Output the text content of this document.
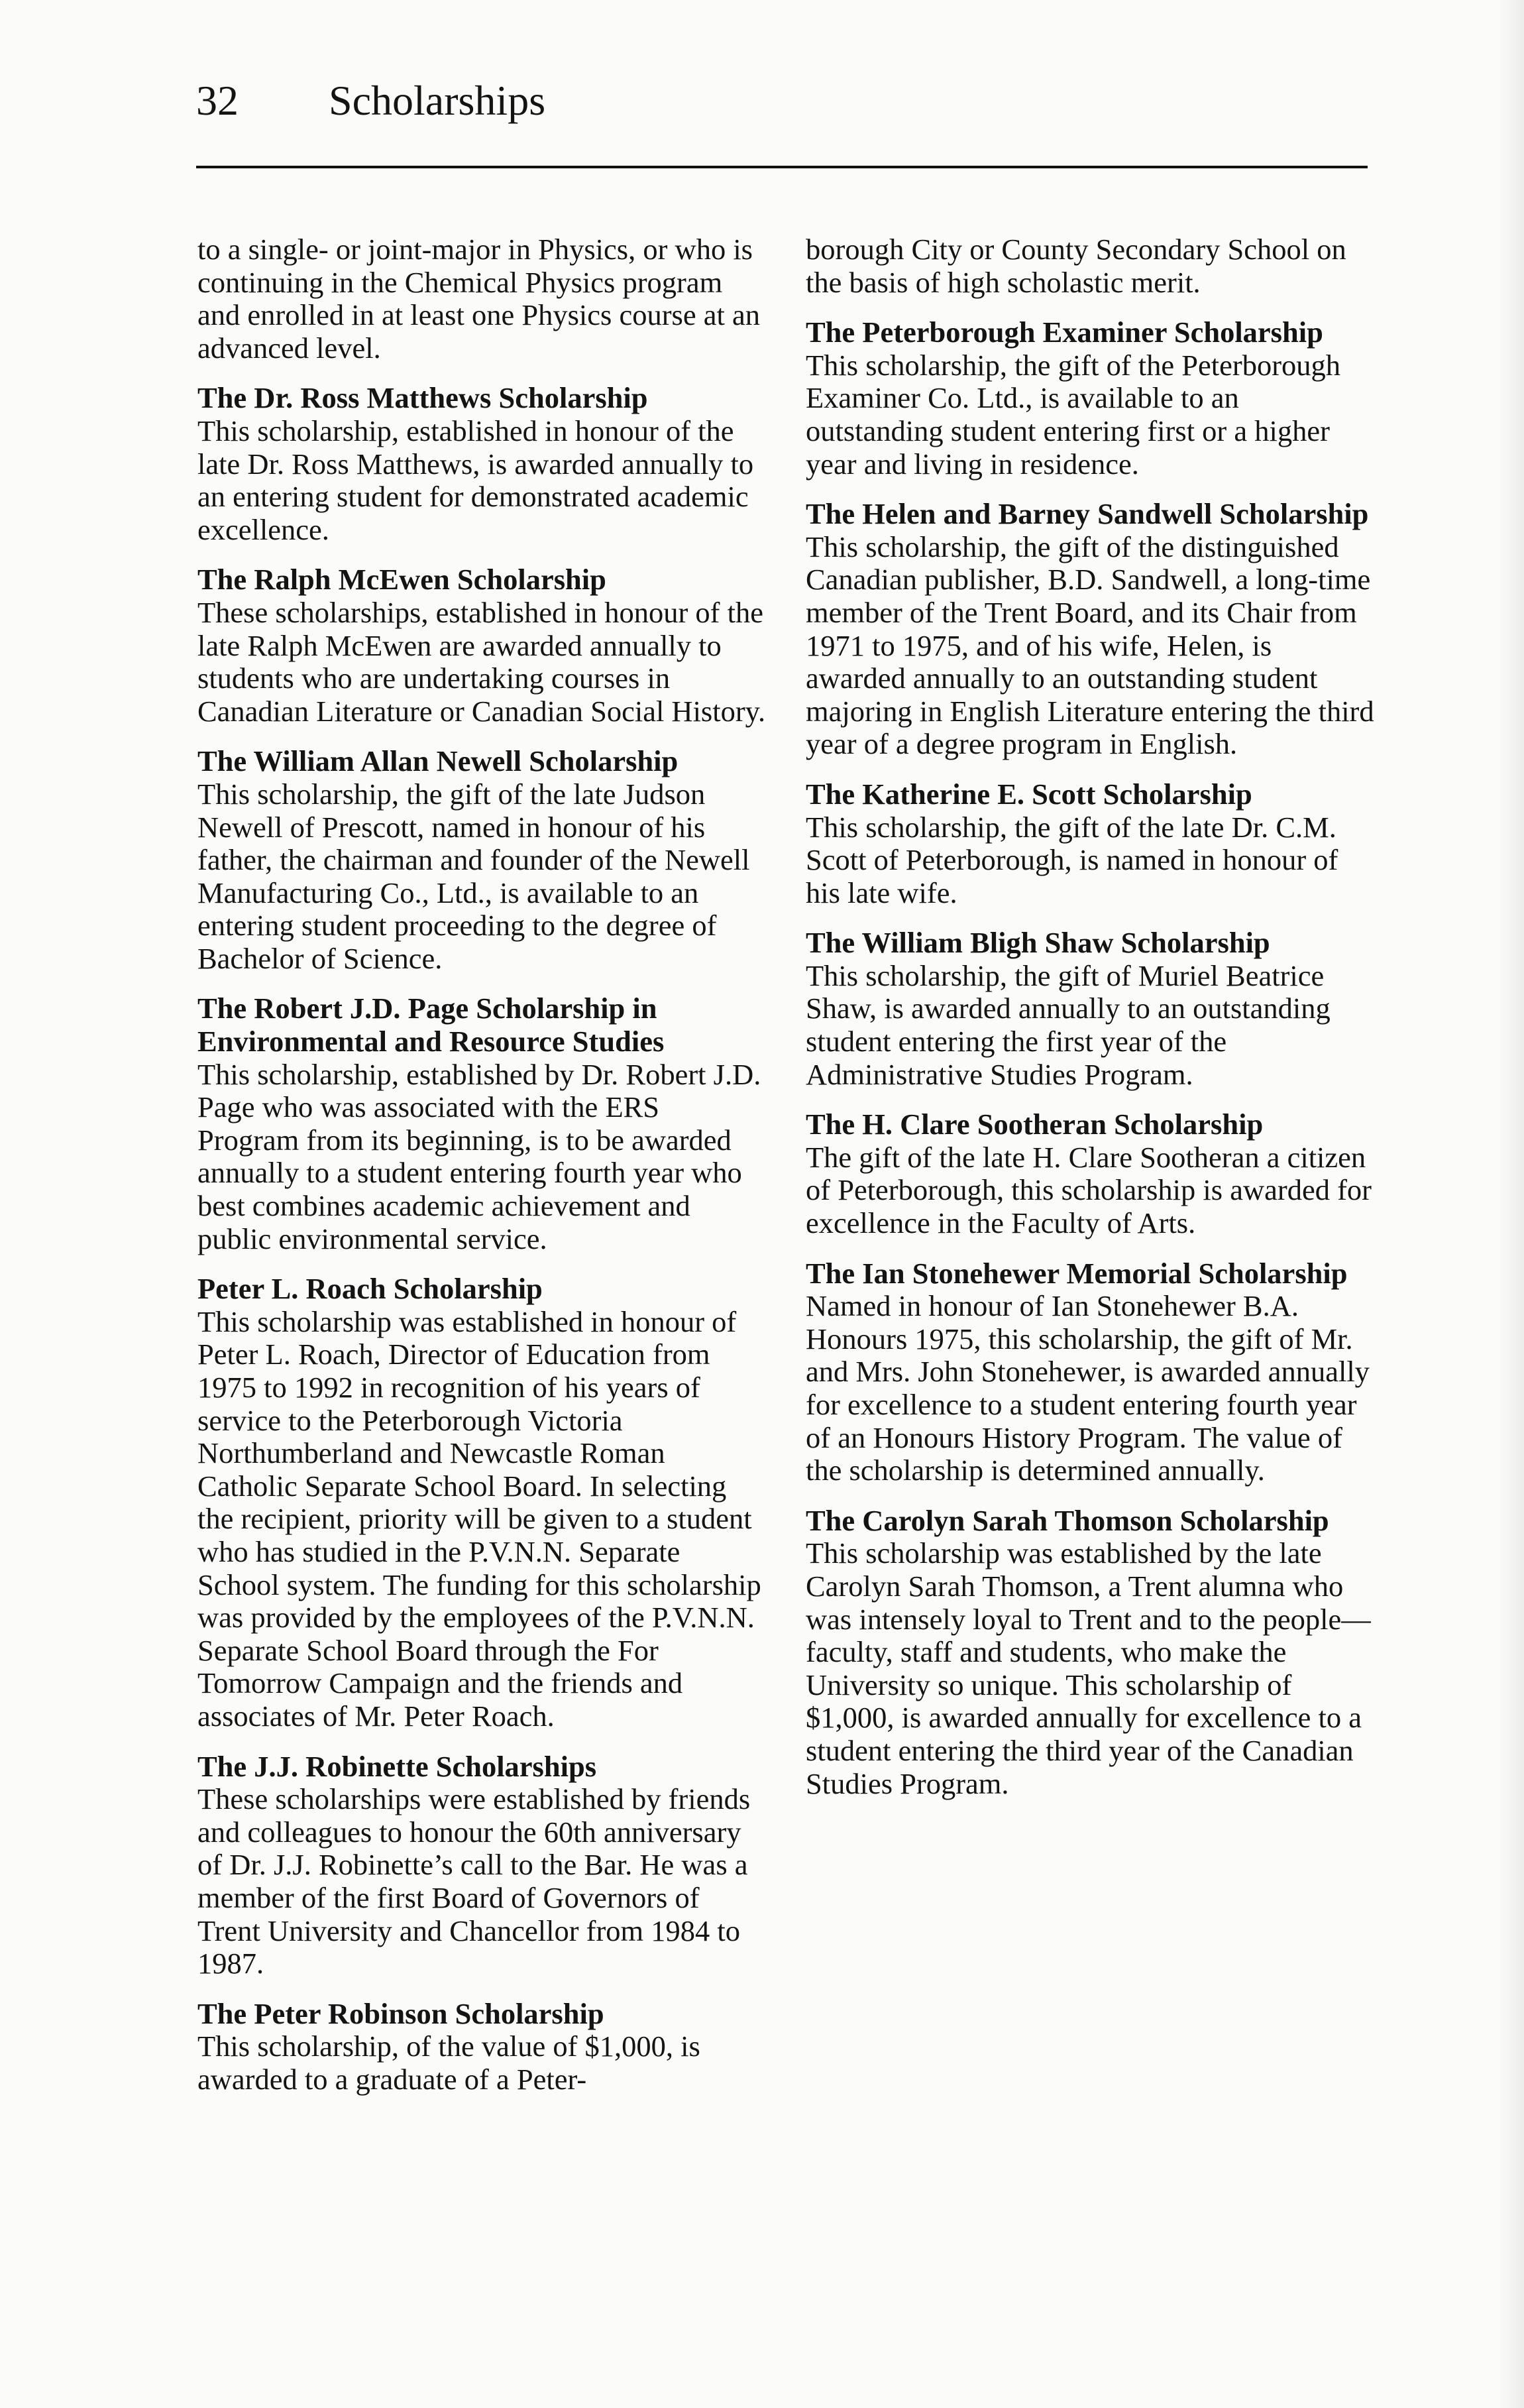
32 Scholarships
to a single- or joint-major in Physics, or who is continuing in the Chemical Physics program and enrolled in at least one Physics course at an advanced level.
The Dr. Ross Matthews Scholarship
This scholarship, established in honour of the late Dr. Ross Matthews, is awarded annually to an entering student for demonstrated academic excellence.
The Ralph McEwen Scholarship
These scholarships, established in honour of the late Ralph McEwen are awarded annually to students who are undertaking courses in Canadian Literature or Canadian Social History.
The William Allan Newell Scholarship
This scholarship, the gift of the late Judson Newell of Prescott, named in honour of his father, the chairman and founder of the Newell Manufacturing Co., Ltd., is available to an entering student proceeding to the degree of Bachelor of Science.
The Robert J.D. Page Scholarship in Environmental and Resource Studies
This scholarship, established by Dr. Robert J.D. Page who was associated with the ERS Program from its beginning, is to be awarded annually to a student entering fourth year who best combines academic achievement and public environmental service.
Peter L. Roach Scholarship
This scholarship was established in honour of Peter L. Roach, Director of Education from 1975 to 1992 in recognition of his years of service to the Peterborough Victoria Northumberland and Newcastle Roman Catholic Separate School Board. In selecting the recipient, priority will be given to a student who has studied in the P.V.N.N. Separate School system. The funding for this scholarship was provided by the employees of the P.V.N.N. Separate School Board through the For Tomorrow Campaign and the friends and associates of Mr. Peter Roach.
The J.J. Robinette Scholarships
These scholarships were established by friends and colleagues to honour the 60th anniversary of Dr. J.J. Robinette’s call to the Bar. He was a member of the first Board of Governors of Trent University and Chancellor from 1984 to 1987.
The Peter Robinson Scholarship
This scholarship, of the value of $1,000, is awarded to a graduate of a Peter-
borough City or County Secondary School on the basis of high scholastic merit.
The Peterborough Examiner Scholarship
This scholarship, the gift of the Peterborough Examiner Co. Ltd., is available to an outstanding student entering first or a higher year and living in residence.
The Helen and Barney Sandwell Scholarship
This scholarship, the gift of the distinguished Canadian publisher, B.D. Sandwell, a long-time member of the Trent Board, and its Chair from 1971 to 1975, and of his wife, Helen, is awarded annually to an outstanding student majoring in English Literature entering the third year of a degree program in English.
The Katherine E. Scott Scholarship
This scholarship, the gift of the late Dr. C.M. Scott of Peterborough, is named in honour of his late wife.
The William Bligh Shaw Scholarship
This scholarship, the gift of Muriel Beatrice Shaw, is awarded annually to an outstanding student entering the first year of the Administrative Studies Program.
The H. Clare Sootheran Scholarship
The gift of the late H. Clare Sootheran a citizen of Peterborough, this scholarship is awarded for excellence in the Faculty of Arts.
The Ian Stonehewer Memorial Scholarship
Named in honour of Ian Stonehewer B.A. Honours 1975, this scholarship, the gift of Mr. and Mrs. John Stonehewer, is awarded annually for excellence to a student entering fourth year of an Honours History Program. The value of the scholarship is determined annually.
The Carolyn Sarah Thomson Scholarship
This scholarship was established by the late Carolyn Sarah Thomson, a Trent alumna who was intensely loyal to Trent and to the people—faculty, staff and students, who make the University so unique. This scholarship of $1,000, is awarded annually for excellence to a student entering the third year of the Canadian Studies Program.
